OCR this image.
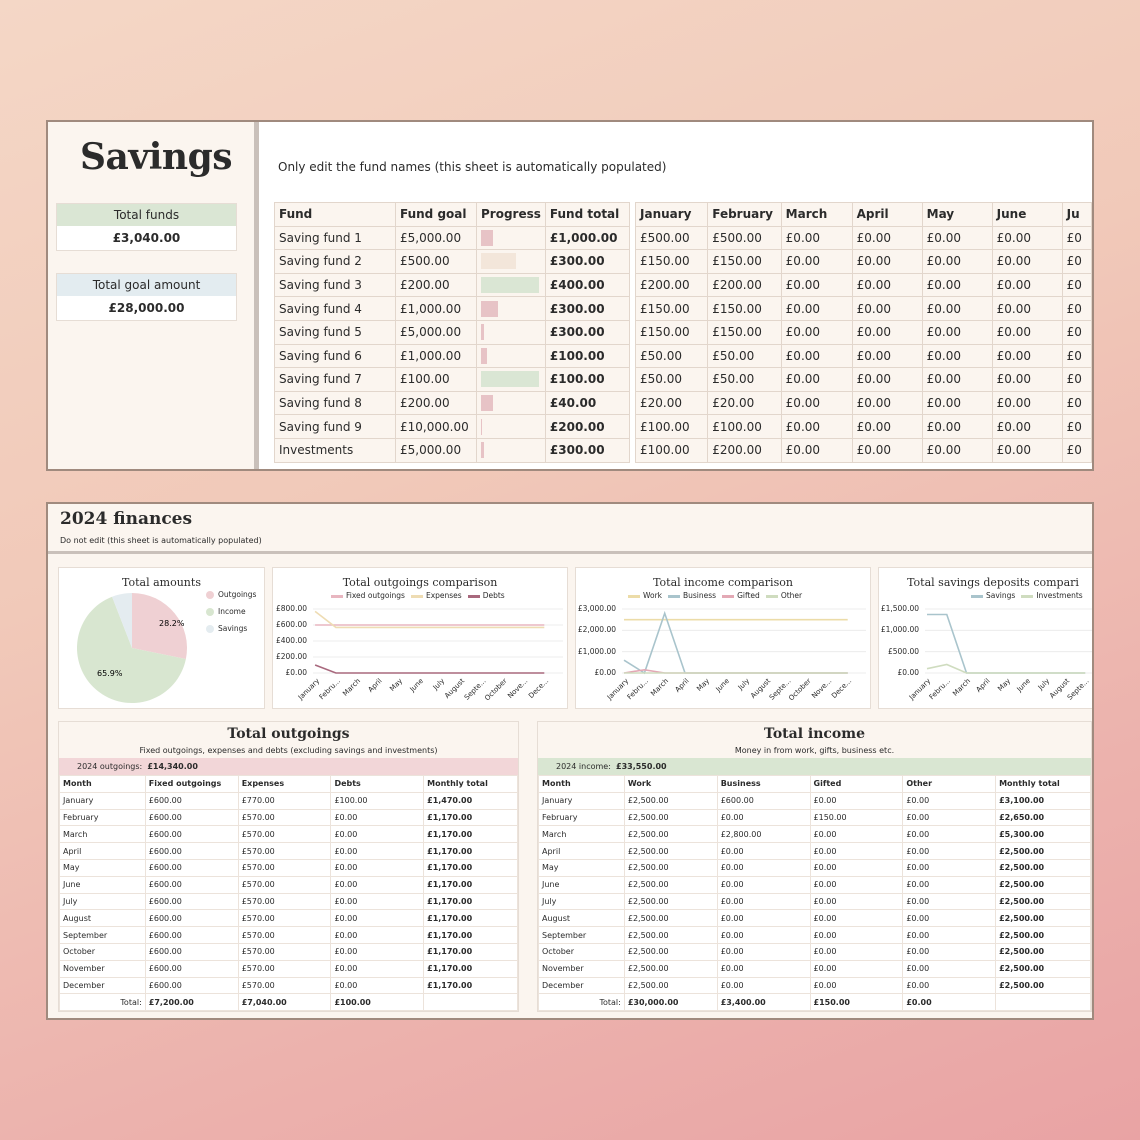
Savings
Total funds
£3,040.00
Total goal amount
£28,000.00
Only edit the fund names (this sheet is automatically populated)
Fund	Fund goal	Progress	Fund total
Saving fund 1	£5,000.00		£1,000.00
Saving fund 2	£500.00		£300.00
Saving fund 3	£200.00		£400.00
Saving fund 4	£1,000.00		£300.00
Saving fund 5	£5,000.00		£300.00
Saving fund 6	£1,000.00		£100.00
Saving fund 7	£100.00		£100.00
Saving fund 8	£200.00		£40.00
Saving fund 9	£10,000.00		£200.00
Investments	£5,000.00		£300.00
January	February	March	April	May	June	Ju
£500.00	£500.00	£0.00	£0.00	£0.00	£0.00	£0
£150.00	£150.00	£0.00	£0.00	£0.00	£0.00	£0
£200.00	£200.00	£0.00	£0.00	£0.00	£0.00	£0
£150.00	£150.00	£0.00	£0.00	£0.00	£0.00	£0
£150.00	£150.00	£0.00	£0.00	£0.00	£0.00	£0
£50.00	£50.00	£0.00	£0.00	£0.00	£0.00	£0
£50.00	£50.00	£0.00	£0.00	£0.00	£0.00	£0
£20.00	£20.00	£0.00	£0.00	£0.00	£0.00	£0
£100.00	£100.00	£0.00	£0.00	£0.00	£0.00	£0
£100.00	£200.00	£0.00	£0.00	£0.00	£0.00	£0
2024 finances
Do not edit (this sheet is automatically populated)
Total amounts
28.2%
65.9%
Outgoings
Income
Savings
Total outgoings comparison
Fixed outgoings	Expenses	Debts
£800.00
£600.00
£400.00
£200.00
£0.00
January
Febru... March April May June July
August
Septe...
October
Nove...
Dece...
Total income comparison
Work	Business	Gifted	Other
£3,000.00
£2,000.00
£1,000.00
£0.00
January
Febru... March April May June July
August
Septe...
October
Nove...
Dece...
Total savings deposits compari
Savings	Investments
£1,500.00
£1,000.00
£500.00
£0.00
January
Febru... March April May June July
August
Septe...
Total outgoings
Fixed outgoings, expenses and debts (excluding savings and investments)
2024 outgoings: £14,340.00
Month	Fixed outgoings	Expenses	Debts	Monthly total
January	£600.00	£770.00	£100.00	£1,470.00
February	£600.00	£570.00	£0.00	£1,170.00
March	£600.00	£570.00	£0.00	£1,170.00
April	£600.00	£570.00	£0.00	£1,170.00
May	£600.00	£570.00	£0.00	£1,170.00
June	£600.00	£570.00	£0.00	£1,170.00
July	£600.00	£570.00	£0.00	£1,170.00
August	£600.00	£570.00	£0.00	£1,170.00
September	£600.00	£570.00	£0.00	£1,170.00
October	£600.00	£570.00	£0.00	£1,170.00
November	£600.00	£570.00	£0.00	£1,170.00
December	£600.00	£570.00	£0.00	£1,170.00
Total:	£7,200.00	£7,040.00	£100.00	
Total income
Money in from work, gifts, business etc.
2024 income: £33,550.00
Month	Work	Business	Gifted	Other	Monthly total
January	£2,500.00	£600.00	£0.00	£0.00	£3,100.00
February	£2,500.00	£0.00	£150.00	£0.00	£2,650.00
March	£2,500.00	£2,800.00	£0.00	£0.00	£5,300.00
April	£2,500.00	£0.00	£0.00	£0.00	£2,500.00
May	£2,500.00	£0.00	£0.00	£0.00	£2,500.00
June	£2,500.00	£0.00	£0.00	£0.00	£2,500.00
July	£2,500.00	£0.00	£0.00	£0.00	£2,500.00
August	£2,500.00	£0.00	£0.00	£0.00	£2,500.00
September	£2,500.00	£0.00	£0.00	£0.00	£2,500.00
October	£2,500.00	£0.00	£0.00	£0.00	£2,500.00
November	£2,500.00	£0.00	£0.00	£0.00	£2,500.00
December	£2,500.00	£0.00	£0.00	£0.00	£2,500.00
Total:	£30,000.00	£3,400.00	£150.00	£0.00	
